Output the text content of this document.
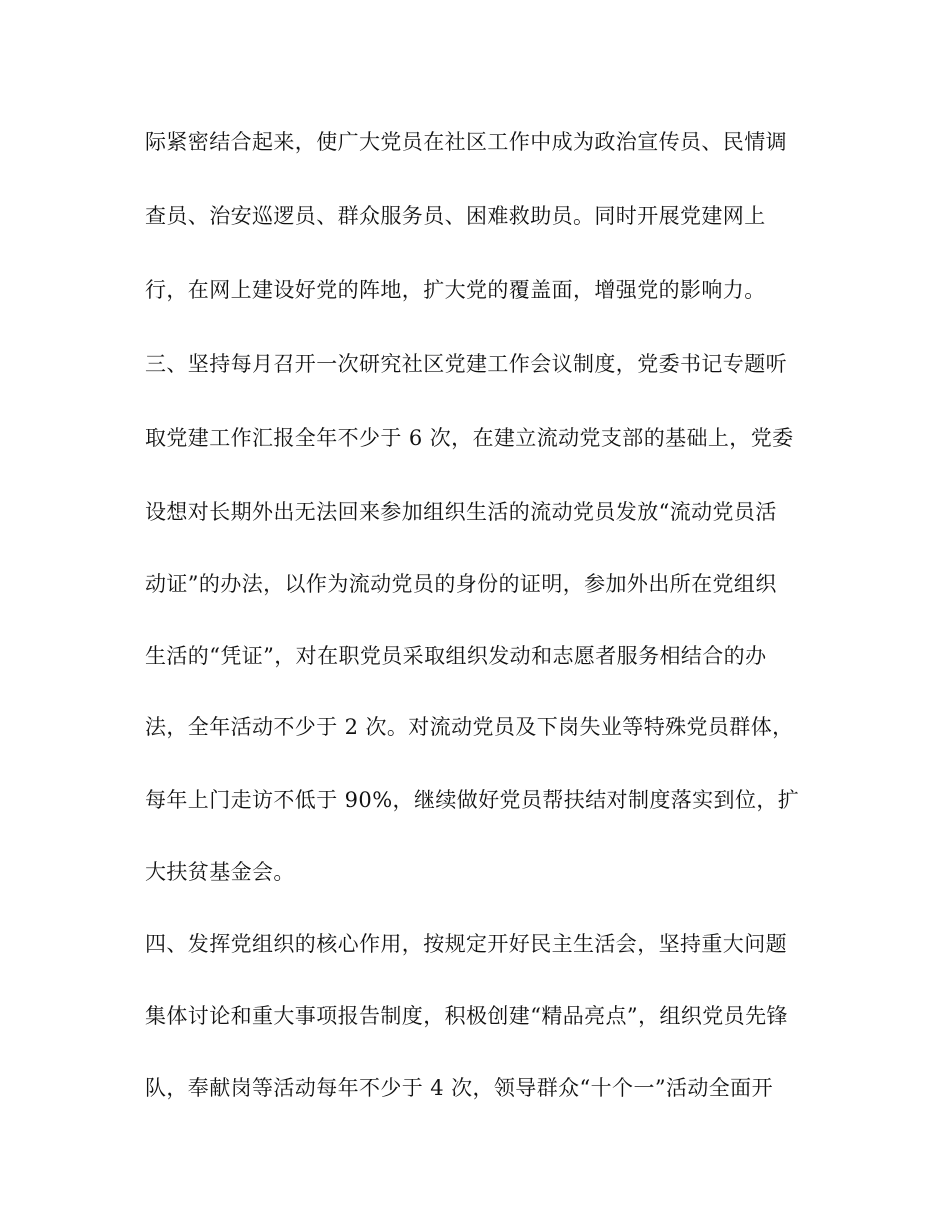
际紧密结合起来，使广大党员在社区工作中成为政治宣传员、民情调
查员、治安巡逻员、群众服务员、困难救助员。同时开展党建网上
行，在网上建设好党的阵地，扩大党的覆盖面，增强党的影响力。
三、坚持每月召开一次研究社区党建工作会议制度，党委书记专题听
取党建工作汇报全年不少于 6 次，在建立流动党支部的基础上，党委
设想对长期外出无法回来参加组织生活的流动党员发放“流动党员活
动证”的办法，以作为流动党员的身份的证明，参加外出所在党组织
生活的“凭证”，对在职党员采取组织发动和志愿者服务相结合的办
法，全年活动不少于 2 次。对流动党员及下岗失业等特殊党员群体，
每年上门走访不低于 90%，继续做好党员帮扶结对制度落实到位，扩
大扶贫基金会。
四、发挥党组织的核心作用，按规定开好民主生活会，坚持重大问题
集体讨论和重大事项报告制度，积极创建“精品亮点”，组织党员先锋
队，奉献岗等活动每年不少于 4 次，领导群众“十个一”活动全面开
